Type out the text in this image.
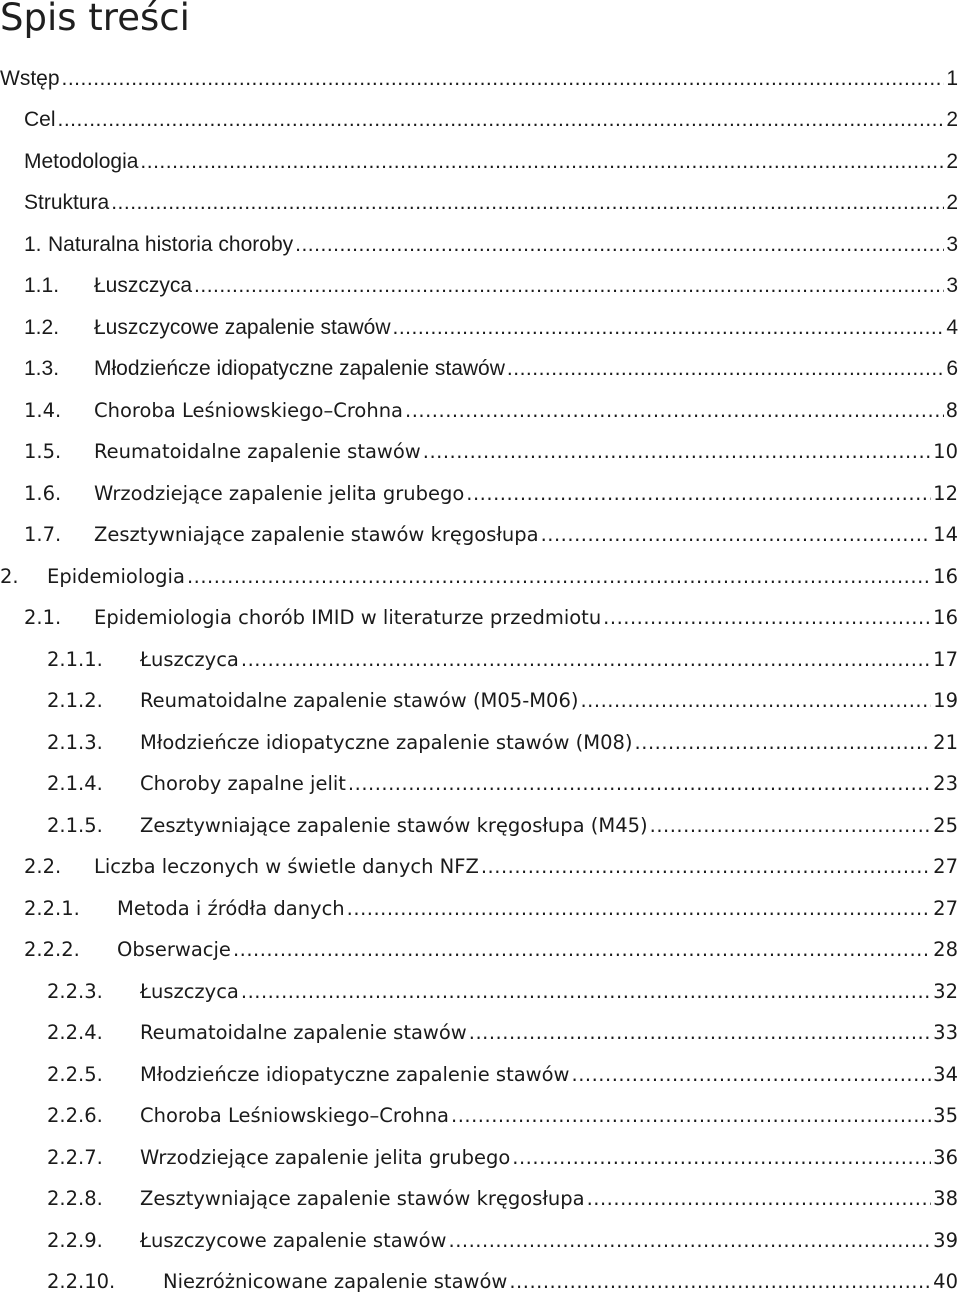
Spis treści
Wstęp .....	1
Cel .....	2
Metodologia .....	2
Struktura .....	2
1. Naturalna historia choroby .....	3
1.1.	Łuszczyca .....	3
1.2.	Łuszczycowe zapalenie stawów .....	4
1.3.	Młodzieńcze idiopatyczne zapalenie stawów .....	6
1.4.	Choroba Leśniowskiego–Crohna .....	8
1.5.	Reumatoidalne zapalenie stawów .....	10
1.6.	Wrzodziejące zapalenie jelita grubego .....	12
1.7.	Zesztywniające zapalenie stawów kręgosłupa .....	14
2.	Epidemiologia .....	16
2.1.	Epidemiologia chorób IMID w literaturze przedmiotu .....	16
2.1.1.	Łuszczyca .....	17
2.1.2.	Reumatoidalne zapalenie stawów (M05-M06) .....	19
2.1.3.	Młodzieńcze idiopatyczne zapalenie stawów (M08) .....	21
2.1.4.	Choroby zapalne jelit .....	23
2.1.5.	Zesztywniające zapalenie stawów kręgosłupa (M45) .....	25
2.2.	Liczba leczonych w świetle danych NFZ .....	27
2.2.1.	Metoda i źródła danych .....	27
2.2.2.	Obserwacje .....	28
2.2.3.	Łuszczyca .....	32
2.2.4.	Reumatoidalne zapalenie stawów .....	33
2.2.5.	Młodzieńcze idiopatyczne zapalenie stawów .....	34
2.2.6.	Choroba Leśniowskiego–Crohna .....	35
2.2.7.	Wrzodziejące zapalenie jelita grubego .....	36
2.2.8.	Zesztywniające zapalenie stawów kręgosłupa .....	38
2.2.9.	Łuszczycowe zapalenie stawów .....	39
2.2.10.	Niezróżnicowane zapalenie stawów .....	40
